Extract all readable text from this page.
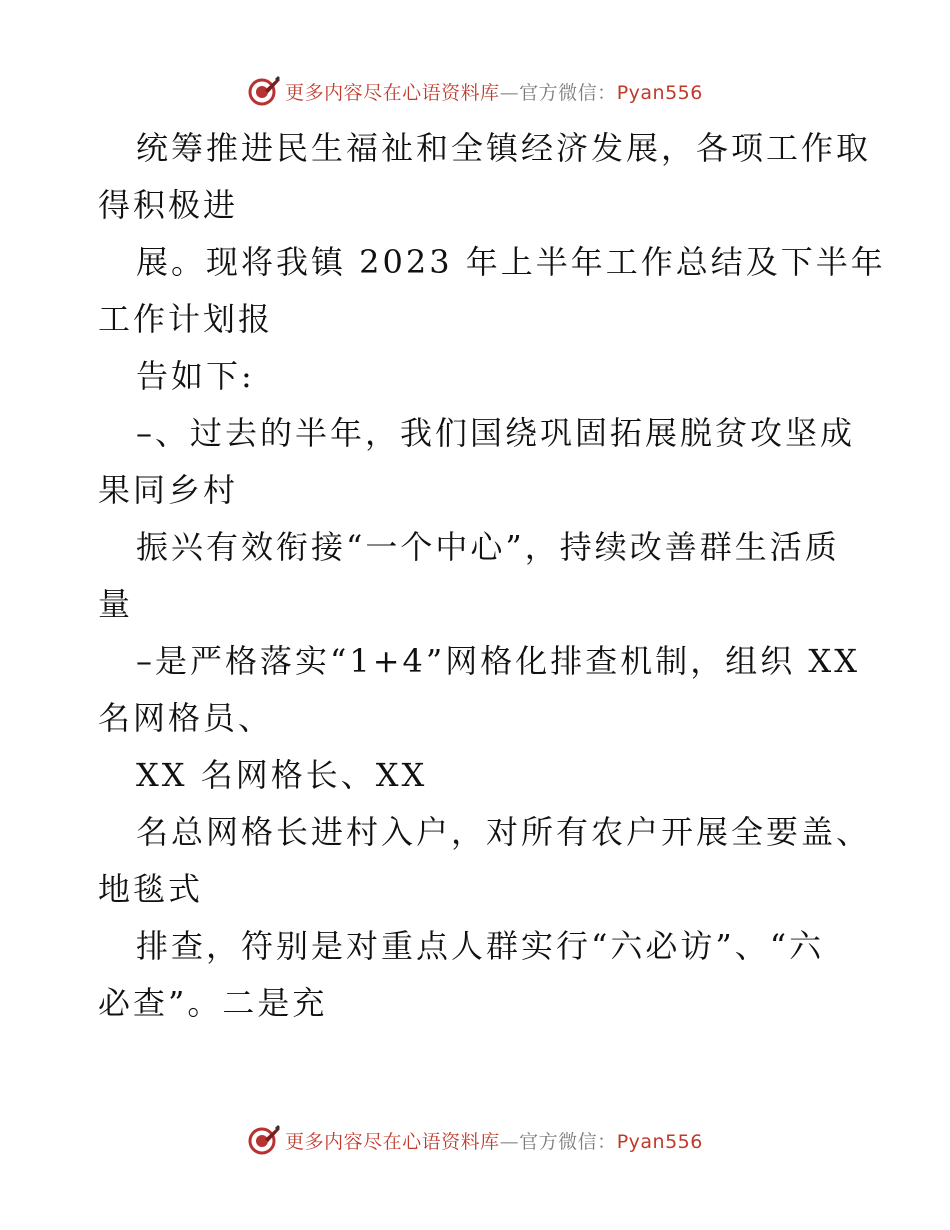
更多内容尽在心语资料库—官方微信：Pyan556
统筹推进民生福祉和全镇经济发展，各项工作取
得积极进
展。现将我镇 2023 年上半年工作总结及下半年
工作计划报
告如下:
–、过去的半年，我们国绕巩固拓展脱贫攻坚成
果同乡村
振兴有效衔接“一个中心”，持续改善群生活质
量
–是严格落实“1+4”网格化排查机制，组织 XX
名网格员、
XX 名网格长、XX
名总网格长进村入户，对所有农户开展全要盖、
地毯式
排查，符别是对重点人群实行“六必访”、“六
必查”。二是充
更多内容尽在心语资料库—官方微信：Pyan556
